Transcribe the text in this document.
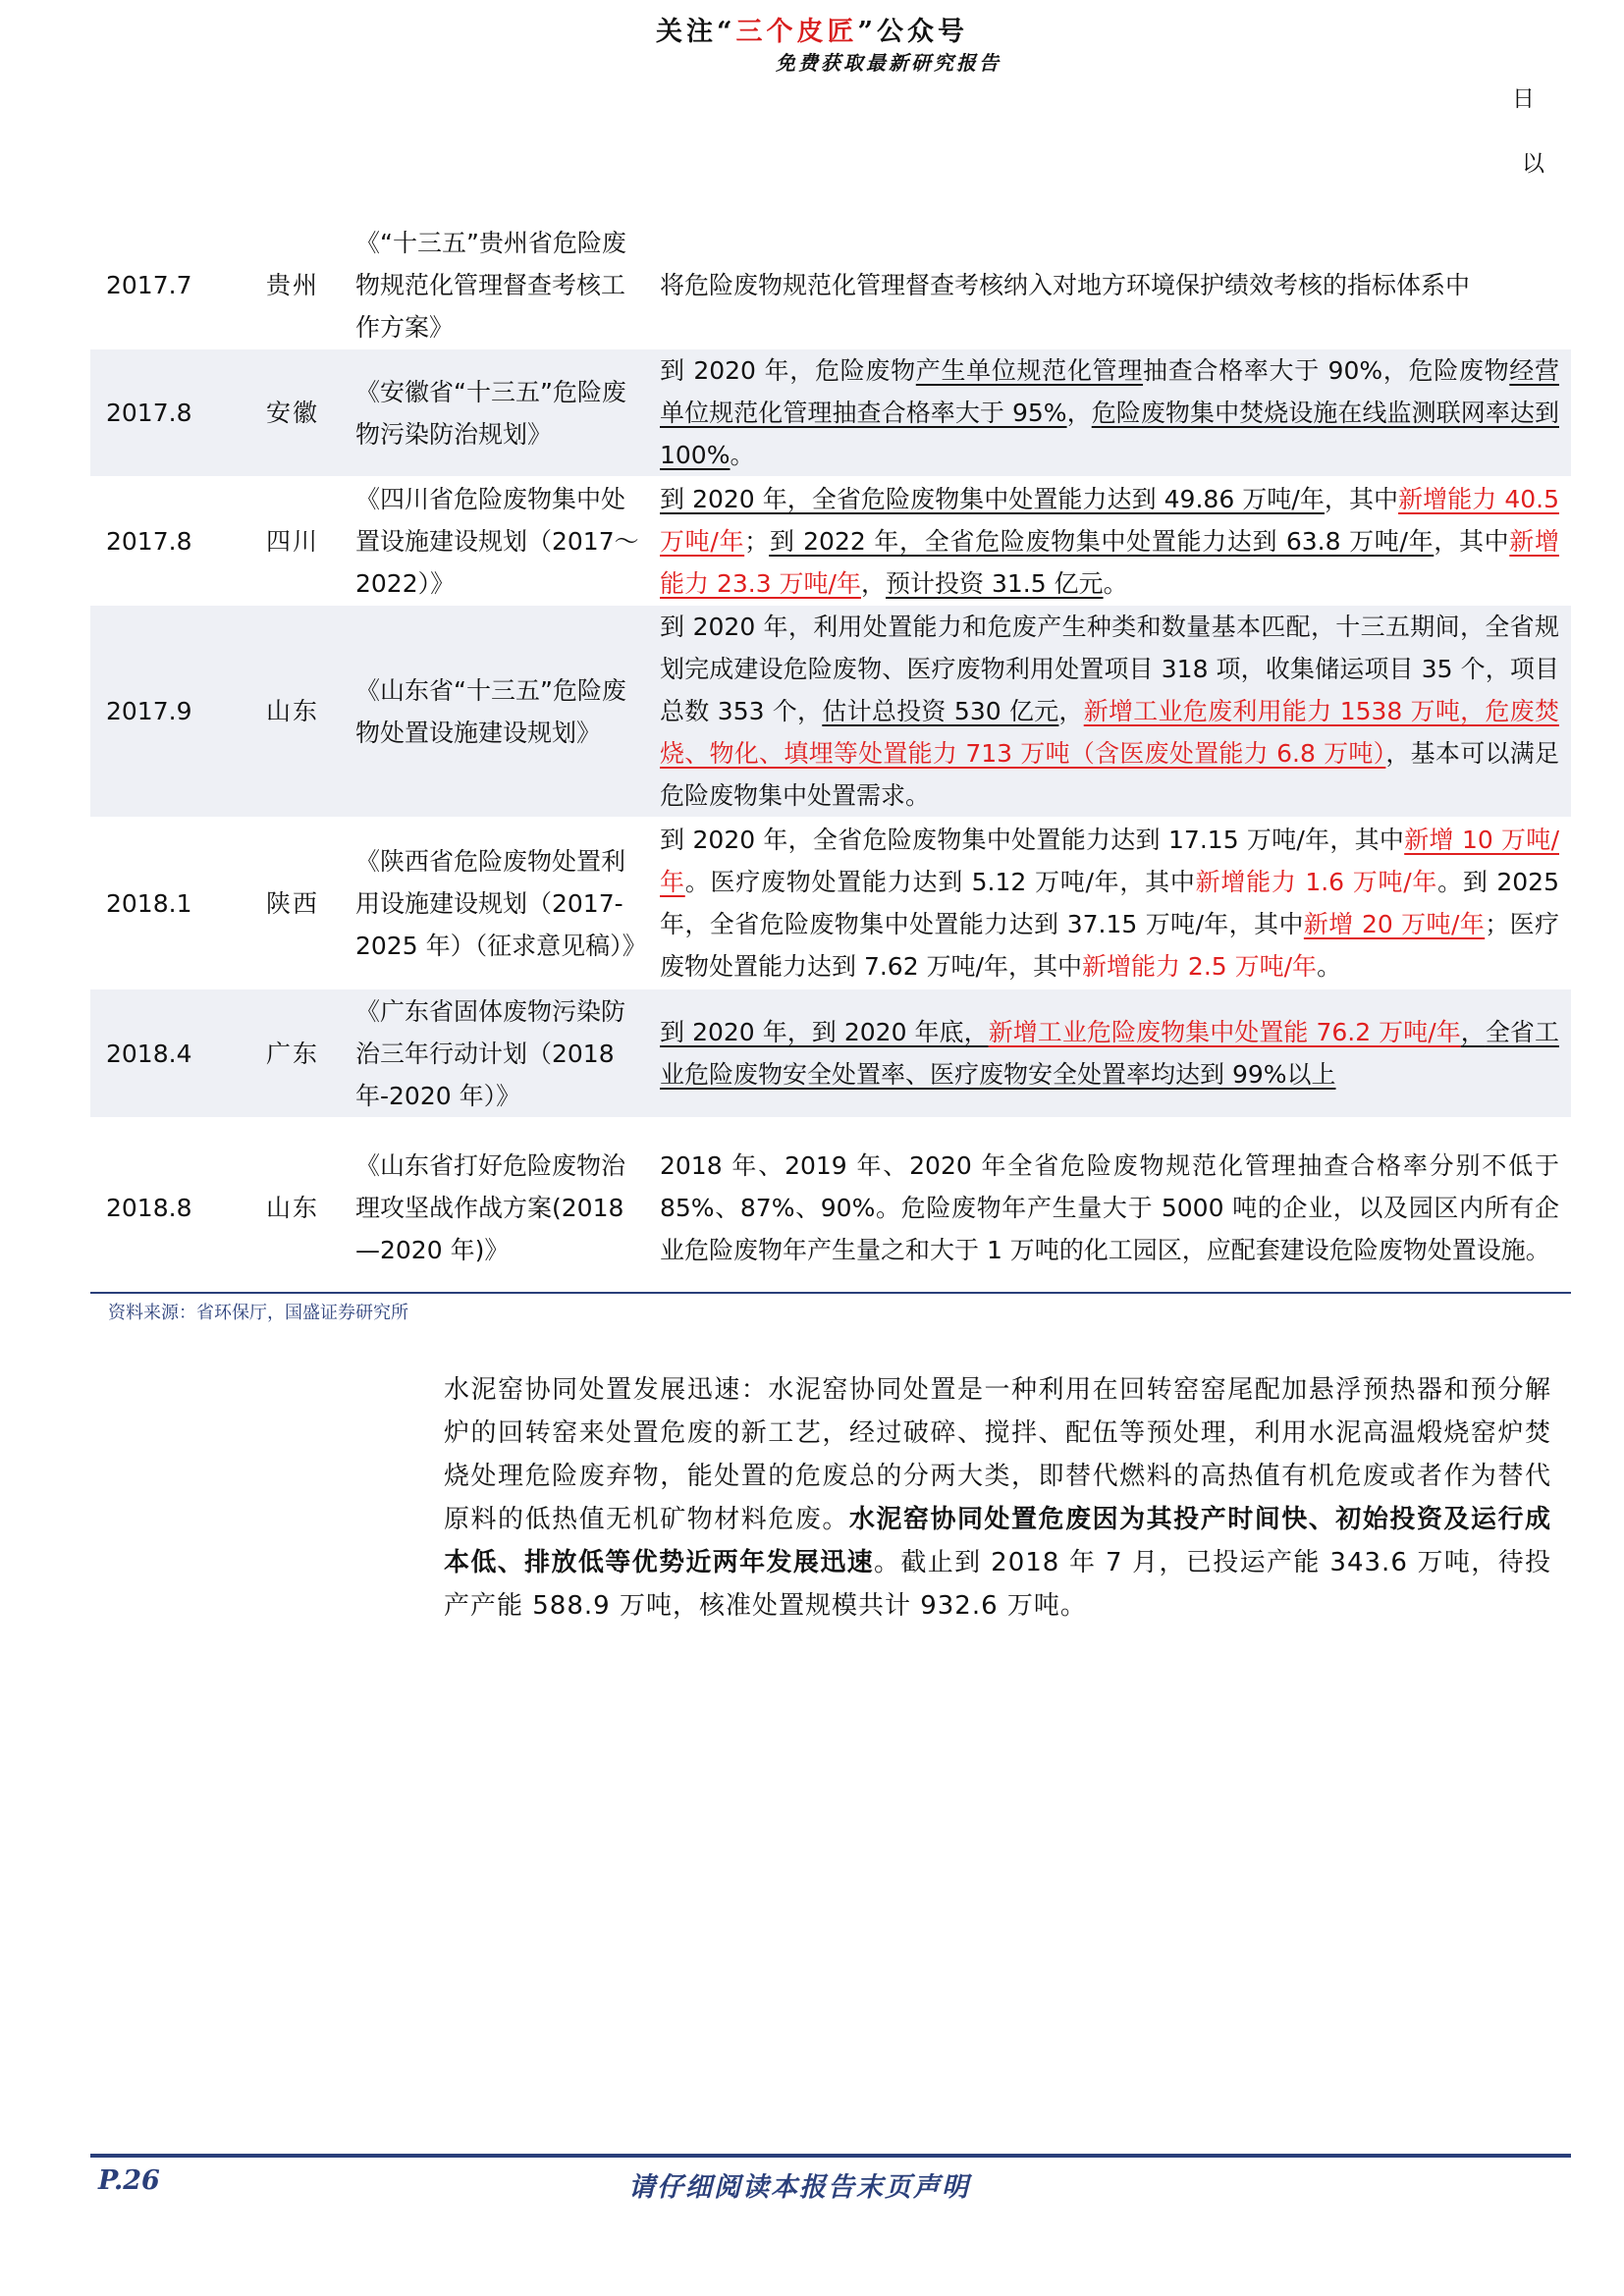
关注“三个皮匠”公众号
免费获取最新研究报告
日
以
2017.7	贵州	《“十三五”贵州省危险废物规范化管理督查考核工作方案》	将危险废物规范化管理督查考核纳入对地方环境保护绩效考核的指标体系中
2017.8	安徽	《安徽省“十三五”危险废物污染防治规划》	到 2020 年，危险废物产生单位规范化管理抽查合格率大于 90%，危险废物经营单位规范化管理抽查合格率大于 95%，危险废物集中焚烧设施在线监测联网率达到 100%。
2017.8	四川	《四川省危险废物集中处置设施建设规划（2017～2022）》	到 2020 年，全省危险废物集中处置能力达到 49.86 万吨/年，其中新增能力 40.5 万吨/年；到 2022 年，全省危险废物集中处置能力达到 63.8 万吨/年，其中新增能力 23.3 万吨/年，预计投资 31.5 亿元。
2017.9	山东	《山东省“十三五”危险废物处置设施建设规划》	到 2020 年，利用处置能力和危废产生种类和数量基本匹配，十三五期间，全省规划完成建设危险废物、医疗废物利用处置项目 318 项，收集储运项目 35 个，项目总数 353 个，估计总投资 530 亿元，新增工业危废利用能力 1538 万吨，危废焚烧、物化、填埋等处置能力 713 万吨（含医废处置能力 6.8 万吨），基本可以满足危险废物集中处置需求。
2018.1	陕西	《陕西省危险废物处置利用设施建设规划（2017-2025 年）（征求意见稿）》	到 2020 年，全省危险废物集中处置能力达到 17.15 万吨/年，其中新增 10 万吨/年。医疗废物处置能力达到 5.12 万吨/年，其中新增能力 1.6 万吨/年。到 2025 年，全省危险废物集中处置能力达到 37.15 万吨/年，其中新增 20 万吨/年；医疗废物处置能力达到 7.62 万吨/年，其中新增能力 2.5 万吨/年。
2018.4	广东	《广东省固体废物污染防治三年行动计划（2018 年-2020 年）》	到 2020 年，到 2020 年底，新增工业危险废物集中处置能 76.2 万吨/年，全省工业危险废物安全处置率、医疗废物安全处置率均达到 99%以上
2018.8	山东	《山东省打好危险废物治理攻坚战作战方案(2018—2020 年)》	2018 年、2019 年、2020 年全省危险废物规范化管理抽查合格率分别不低于 85%、87%、90%。危险废物年产生量大于 5000 吨的企业，以及园区内所有企业危险废物年产生量之和大于 1 万吨的化工园区，应配套建设危险废物处置设施。
资料来源：省环保厅，国盛证券研究所
水泥窑协同处置发展迅速：水泥窑协同处置是一种利用在回转窑窑尾配加悬浮预热器和预分解炉的回转窑来处置危废的新工艺，经过破碎、搅拌、配伍等预处理，利用水泥高温煅烧窑炉焚烧处理危险废弃物，能处置的危废总的分两大类，即替代燃料的高热值有机危废或者作为替代原料的低热值无机矿物材料危废。水泥窑协同处置危废因为其投产时间快、初始投资及运行成本低、排放低等优势近两年发展迅速。截止到 2018 年 7 月，已投运产能 343.6 万吨，待投产产能 588.9 万吨，核准处置规模共计 932.6 万吨。
P.26	请仔细阅读本报告末页声明
